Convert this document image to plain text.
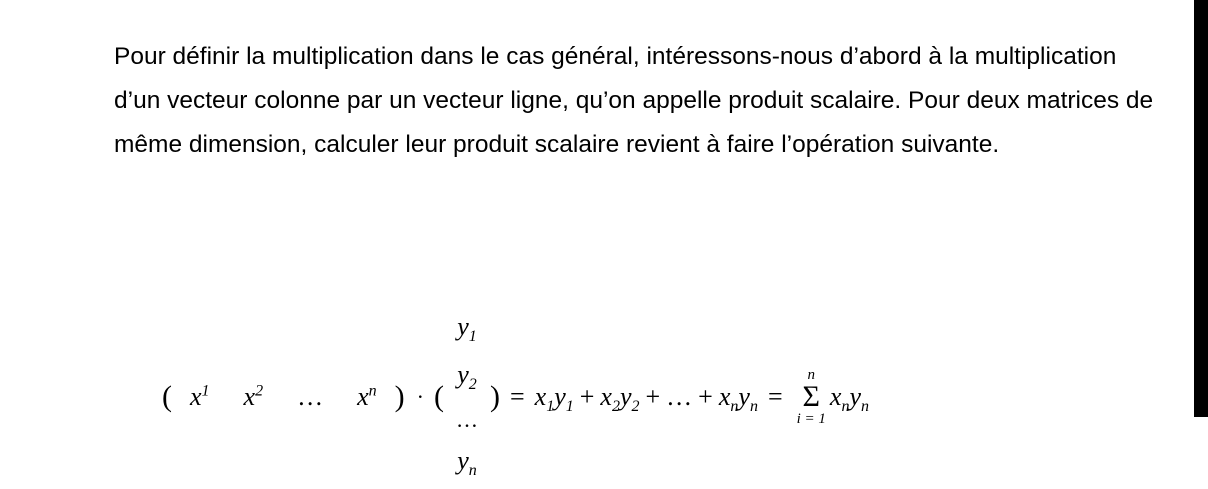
Pour définir la multiplication dans le cas général, intéressons-nous d’abord à la multiplication d’un vecteur colonne par un vecteur ligne, qu’on appelle produit scalaire. Pour deux matrices de même dimension, calculer leur produit scalaire revient à faire l’opération suivante.

( $x^1$ $x^2$ … $x^n$ ) · (
$y_1$
$y_2$
…
$y_n$
) = $x_1y_1 + x_2y_2$ + … + $x_ny_n$ =
n
Σ
i = 1
$x_ny_n$
